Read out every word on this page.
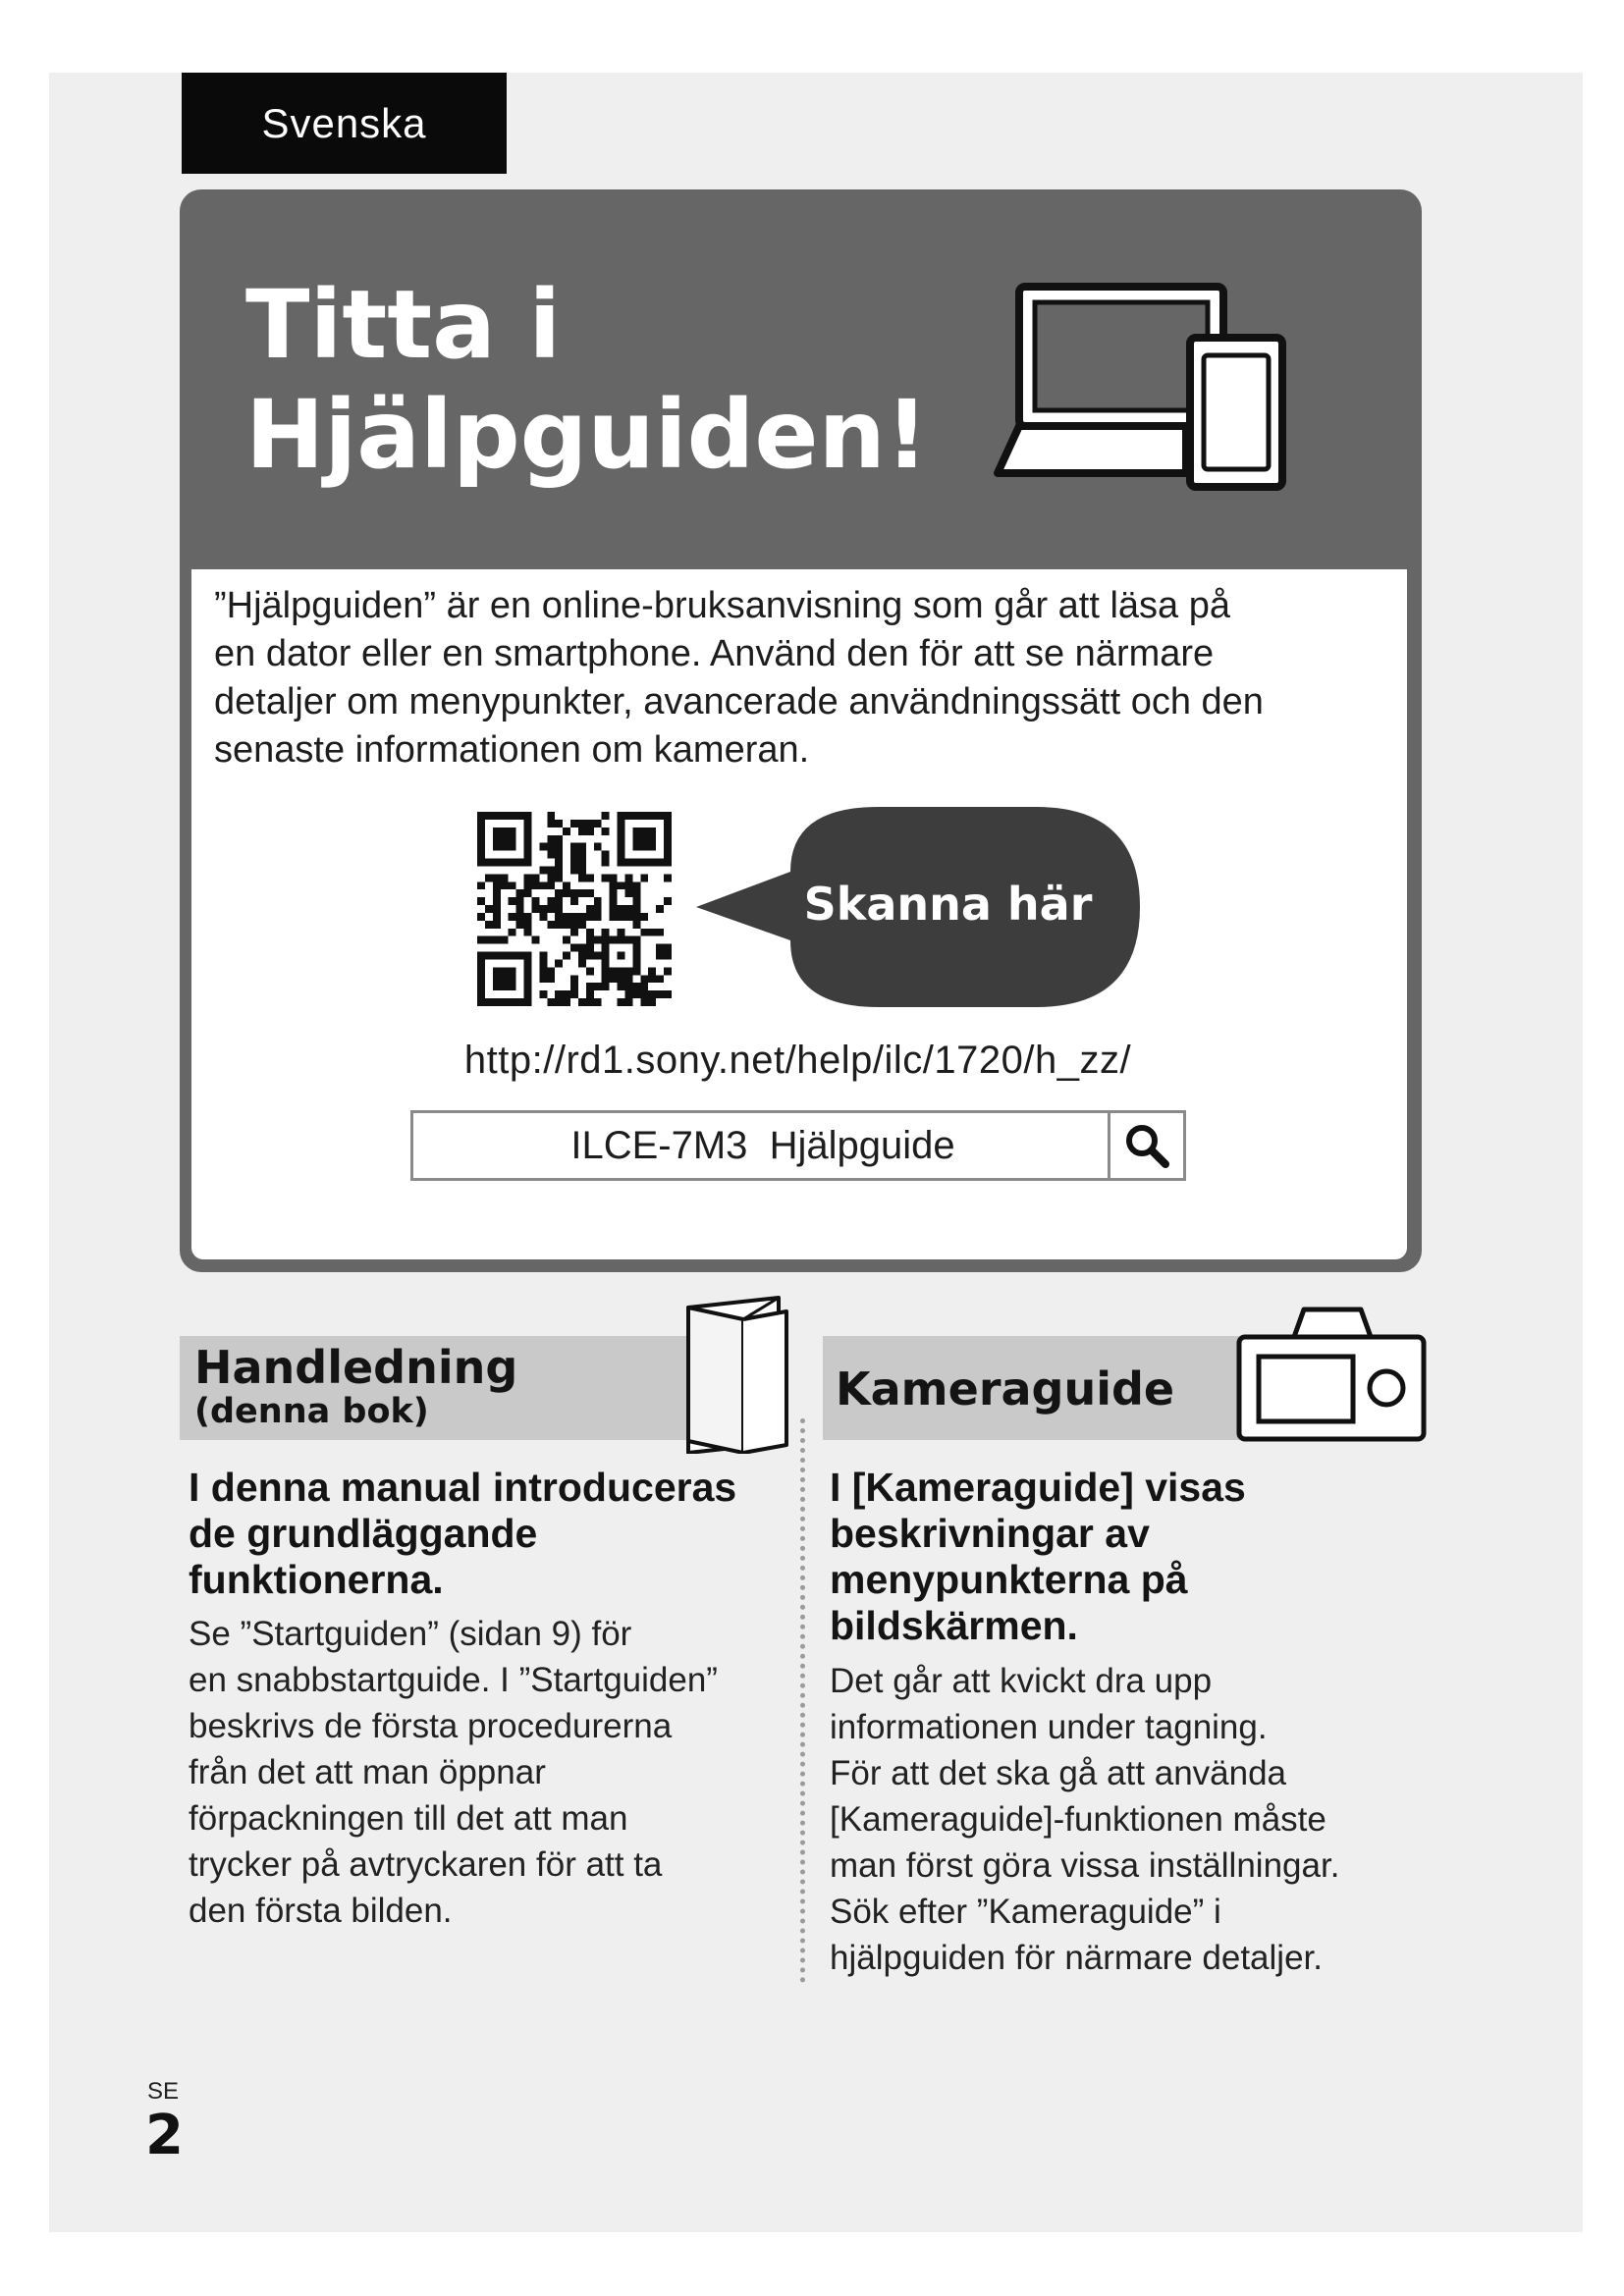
Svenska
Titta i
Hjälpguiden!

”Hjälpguiden” är en online-bruksanvisning som går att läsa på
en dator eller en smartphone. Använd den för att se närmare
detaljer om menypunkter, avancerade användningssätt och den
senaste informationen om kameran.

Skanna här
http://rd1.sony.net/help/ilc/1720/h_zz/
ILCE-7M3  Hjälpguide
Handledning
(denna bok)	Kameraguide

I denna manual introduceras

de grundläggande

funktionerna.

Se ”Startguiden” (sidan 9) för

en snabbstartguide. I ”Startguiden”

beskrivs de första procedurerna

från det att man öppnar

förpackningen till det att man

trycker på avtryckaren för att ta

den första bilden.

I [Kameraguide] visas

beskrivningar av

menypunkterna på

bildskärmen.

Det går att kvickt dra upp

informationen under tagning.

För att det ska gå att använda

[Kameraguide]-funktionen måste

man först göra vissa inställningar.

Sök efter ”Kameraguide” i

hjälpguiden för närmare detaljer.

SE
2
